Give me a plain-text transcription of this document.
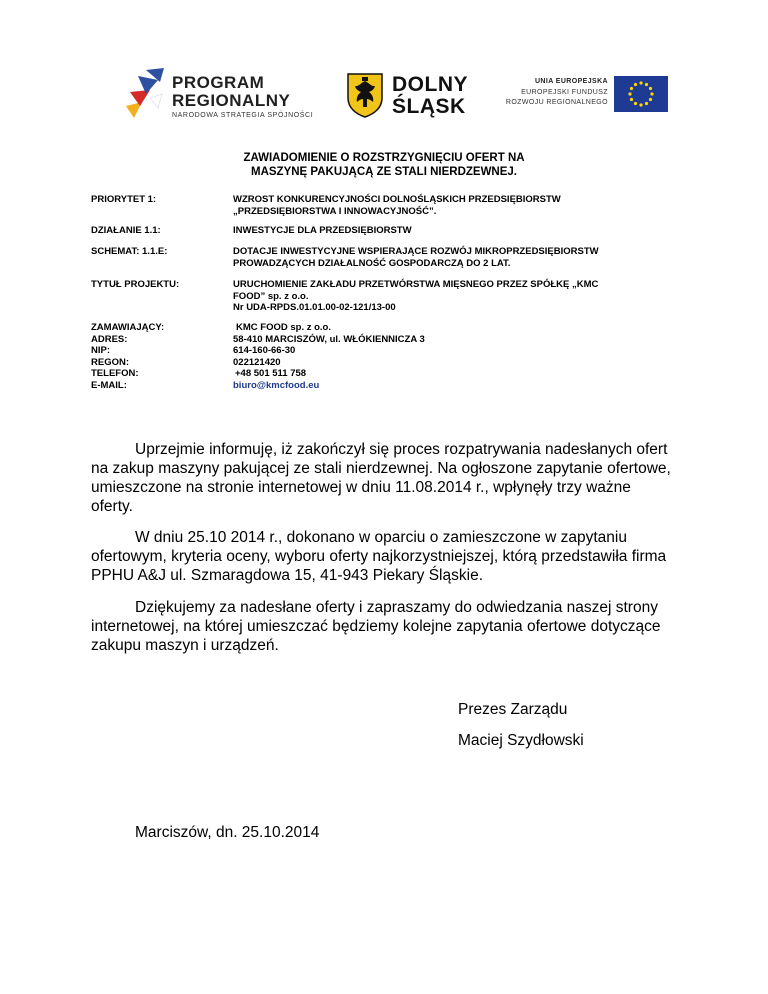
PROGRAM
REGIONALNY
NARODOWA STRATEGIA SPÓJNOŚCI
DOLNY
ŚLĄSK
UNIA EUROPEJSKA
EUROPEJSKI FUNDUSZ
ROZWOJU REGIONALNEGO
ZAWIADOMIENIE O ROZSTRZYGNIĘCIU OFERT NA
MASZYNĘ PAKUJĄCĄ ZE STALI NIERDZEWNEJ.
PRIORYTET 1:	WZROST KONKURENCYJNOŚCI DOLNOŚLĄSKICH PRZEDSIĘBIORSTW
„PRZEDSIĘBIORSTWA I INNOWACYJNOŚĆ”.
DZIAŁANIE 1.1:	INWESTYCJE DLA PRZEDSIĘBIORSTW
SCHEMAT: 1.1.E:	DOTACJE INWESTYCYJNE WSPIERAJĄCE ROZWÓJ MIKROPRZEDSIĘBIORSTW
PROWADZĄCYCH DZIAŁALNOŚĆ GOSPODARCZĄ DO 2 LAT.
TYTUŁ PROJEKTU:	URUCHOMIENIE ZAKŁADU PRZETWÓRSTWA MIĘSNEGO PRZEZ SPÓŁKĘ „KMC
FOOD” sp. z o.o.
Nr UDA-RPDS.01.01.00-02-121/13-00
ZAMAWIAJĄCY:	KMC FOOD sp. z o.o.
ADRES:	58-410 MARCISZÓW, ul. WŁÓKIENNICZA 3
NIP:	614-160-66-30
REGON:	022121420
TELEFON:	+48 501 511 758
E-MAIL:	biuro@kmcfood.eu
Uprzejmie informuję, iż zakończył się proces rozpatrywania nadesłanych ofert
na zakup maszyny pakującej ze stali nierdzewnej. Na ogłoszone zapytanie ofertowe,
umieszczone na stronie internetowej w dniu 11.08.2014 r., wpłynęły trzy ważne
oferty.
W dniu 25.10 2014 r., dokonano w oparciu o zamieszczone w zapytaniu
ofertowym, kryteria oceny, wyboru oferty najkorzystniejszej, którą przedstawiła firma
PPHU A&J ul. Szmaragdowa 15, 41-943 Piekary Śląskie.
Dziękujemy za nadesłane oferty i zapraszamy do odwiedzania naszej strony
internetowej, na której umieszczać będziemy kolejne zapytania ofertowe dotyczące
zakupu maszyn i urządzeń.
Prezes Zarządu
Maciej Szydłowski
Marciszów, dn. 25.10.2014
